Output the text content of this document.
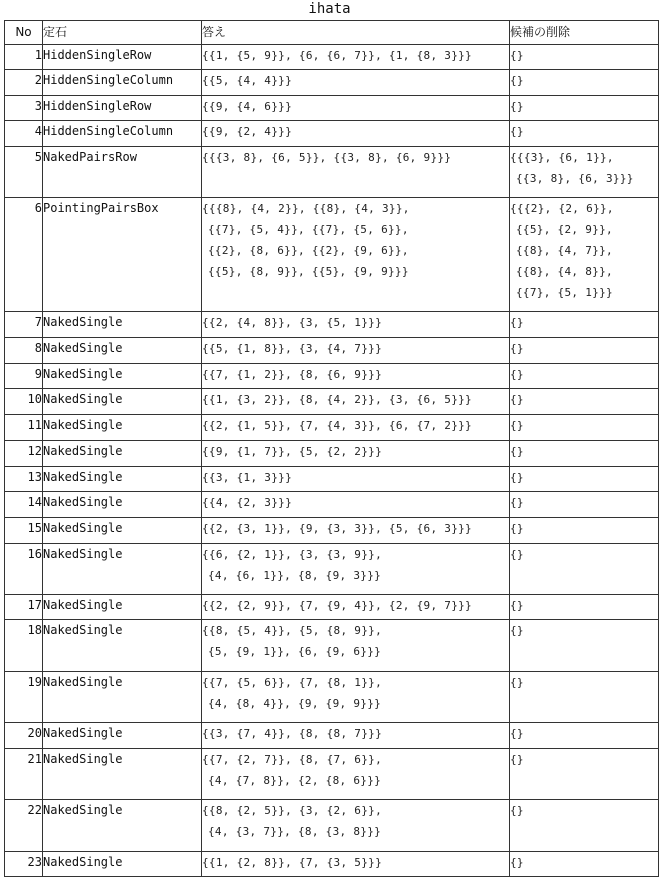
ihata
No	定石	答え	候補の削除
1	HiddenSingleRow	{{1, {5, 9}}, {6, {6, 7}}, {1, {8, 3}}}	{}

2	HiddenSingleColumn	{{5, {4, 4}}}	{}

3	HiddenSingleRow	{{9, {4, 6}}}	{}

4	HiddenSingleColumn	{{9, {2, 4}}}	{}

5	NakedPairsRow	{{{3, 8}, {6, 5}}, {{3, 8}, {6, 9}}}	{{{3}, {6, 1}},
{{3, 8}, {6, 3}}}

6	PointingPairsBox	{{{8}, {4, 2}}, {{8}, {4, 3}},
{{7}, {5, 4}}, {{7}, {5, 6}},
{{2}, {8, 6}}, {{2}, {9, 6}},
{{5}, {8, 9}}, {{5}, {9, 9}}}	{{{2}, {2, 6}},
{{5}, {2, 9}},
{{8}, {4, 7}},
{{8}, {4, 8}},
{{7}, {5, 1}}}

7	NakedSingle	{{2, {4, 8}}, {3, {5, 1}}}	{}

8	NakedSingle	{{5, {1, 8}}, {3, {4, 7}}}	{}

9	NakedSingle	{{7, {1, 2}}, {8, {6, 9}}}	{}

10	NakedSingle	{{1, {3, 2}}, {8, {4, 2}}, {3, {6, 5}}}	{}

11	NakedSingle	{{2, {1, 5}}, {7, {4, 3}}, {6, {7, 2}}}	{}

12	NakedSingle	{{9, {1, 7}}, {5, {2, 2}}}	{}

13	NakedSingle	{{3, {1, 3}}}	{}

14	NakedSingle	{{4, {2, 3}}}	{}

15	NakedSingle	{{2, {3, 1}}, {9, {3, 3}}, {5, {6, 3}}}	{}

16	NakedSingle	{{6, {2, 1}}, {3, {3, 9}},
{4, {6, 1}}, {8, {9, 3}}}	{}

17	NakedSingle	{{2, {2, 9}}, {7, {9, 4}}, {2, {9, 7}}}	{}

18	NakedSingle	{{8, {5, 4}}, {5, {8, 9}},
{5, {9, 1}}, {6, {9, 6}}}	{}

19	NakedSingle	{{7, {5, 6}}, {7, {8, 1}},
{4, {8, 4}}, {9, {9, 9}}}	{}

20	NakedSingle	{{3, {7, 4}}, {8, {8, 7}}}	{}

21	NakedSingle	{{7, {2, 7}}, {8, {7, 6}},
{4, {7, 8}}, {2, {8, 6}}}	{}

22	NakedSingle	{{8, {2, 5}}, {3, {2, 6}},
{4, {3, 7}}, {8, {3, 8}}}	{}

23	NakedSingle	{{1, {2, 8}}, {7, {3, 5}}}	{}
